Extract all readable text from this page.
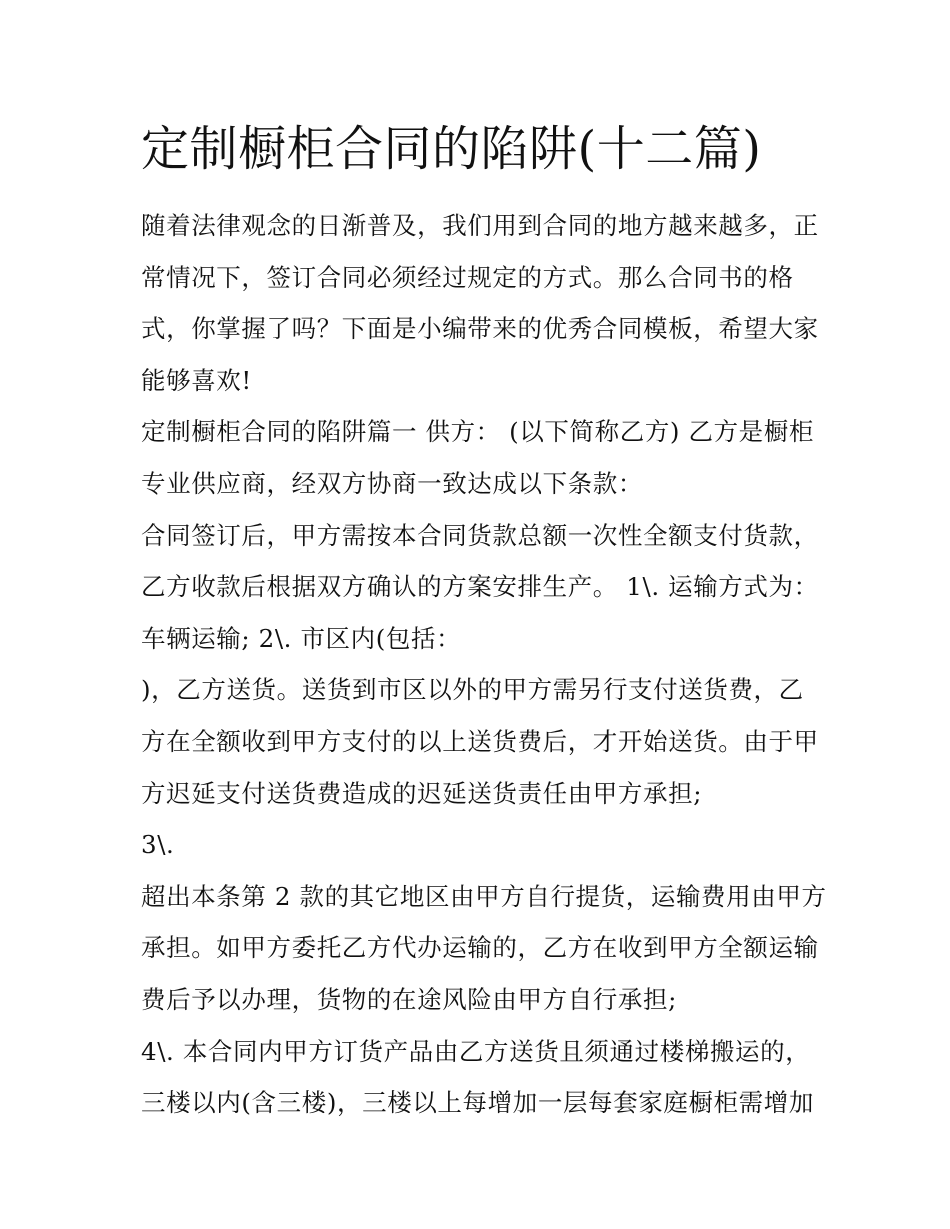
定制橱柜合同的陷阱(十二篇)
随着法律观念的日渐普及，我们用到合同的地方越来越多，正
常情况下，签订合同必须经过规定的方式。那么合同书的格
式，你掌握了吗？下面是小编带来的优秀合同模板，希望大家
能够喜欢!
定制橱柜合同的陷阱篇一 供方： (以下简称乙方) 乙方是橱柜
专业供应商，经双方协商一致达成以下条款：
合同签订后，甲方需按本合同货款总额一次性全额支付货款，
乙方收款后根据双方确认的方案安排生产。 1\. 运输方式为：
车辆运输; 2\. 市区内(包括：
)，乙方送货。送货到市区以外的甲方需另行支付送货费，乙
方在全额收到甲方支付的以上送货费后，才开始送货。由于甲
方迟延支付送货费造成的迟延送货责任由甲方承担;
3\.
超出本条第 2 款的其它地区由甲方自行提货，运输费用由甲方
承担。如甲方委托乙方代办运输的，乙方在收到甲方全额运输
费后予以办理，货物的在途风险由甲方自行承担;
4\. 本合同内甲方订货产品由乙方送货且须通过楼梯搬运的，
三楼以内(含三楼)，三楼以上每增加一层每套家庭橱柜需增加
